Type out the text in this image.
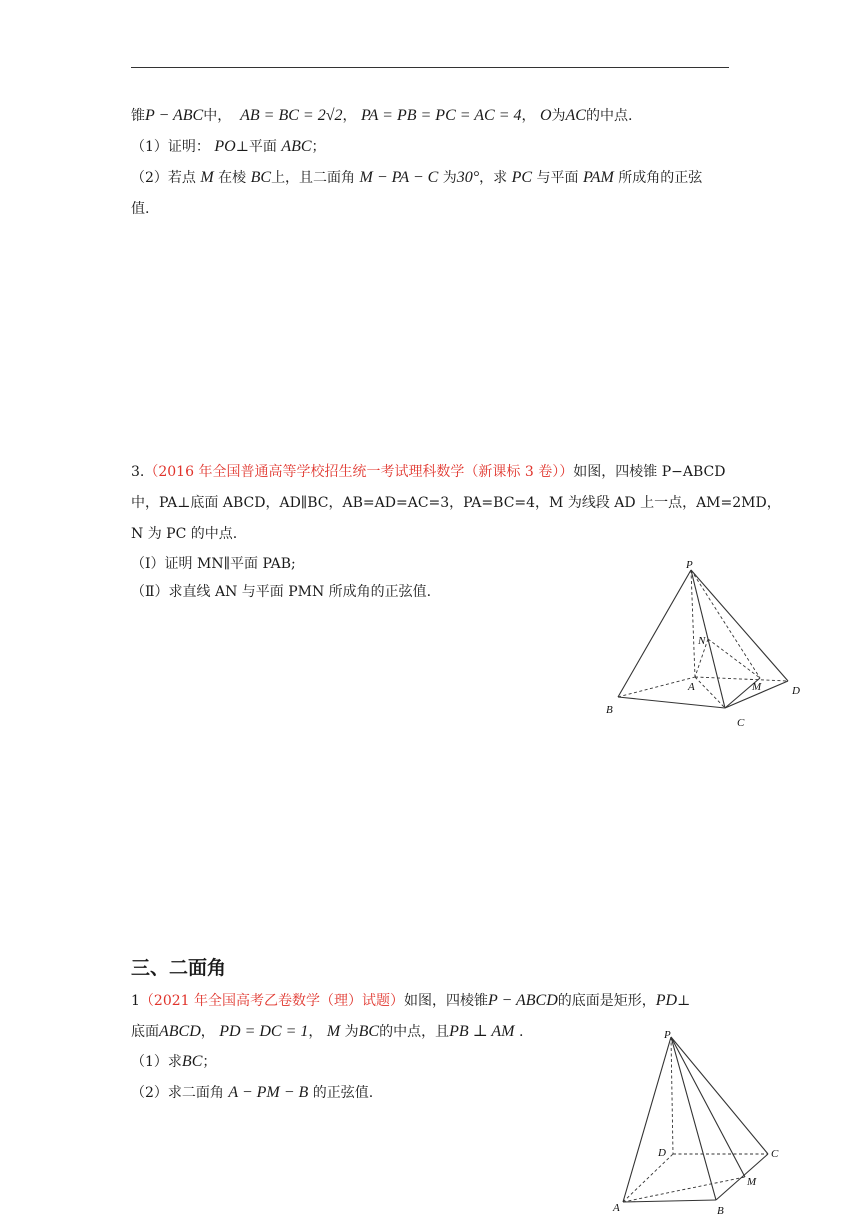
锥P − ABC中， AB = BC = 2√2， PA = PB = PC = AC = 4， O为AC的中点.
（1）证明： PO⊥平面 ABC；
（2）若点 M 在棱 BC上，且二面角 M − PA − C 为30°，求 PC 与平面 PAM 所成角的正弦
值.
3.（2016 年全国普通高等学校招生统一考试理科数学（新课标 3 卷））如图，四棱锥 P−ABCD
中，PA⊥底面 ABCD，AD∥BC，AB=AD=AC=3，PA=BC=4，M 为线段 AD 上一点，AM=2MD，
N 为 PC 的中点.
（Ⅰ）证明 MN∥平面 PAB;
（Ⅱ）求直线 AN 与平面 PMN 所成角的正弦值.
P
N
A	M	D
B
C
三、二面角
1（2021 年全国高考乙卷数学（理）试题）如图，四棱锥P − ABCD的底面是矩形，PD⊥
底面ABCD， PD = DC = 1， M 为BC的中点，且PB ⊥ AM .
（1）求BC；
（2）求二面角 A − PM − B 的正弦值.
P
D	C
M
A	B
